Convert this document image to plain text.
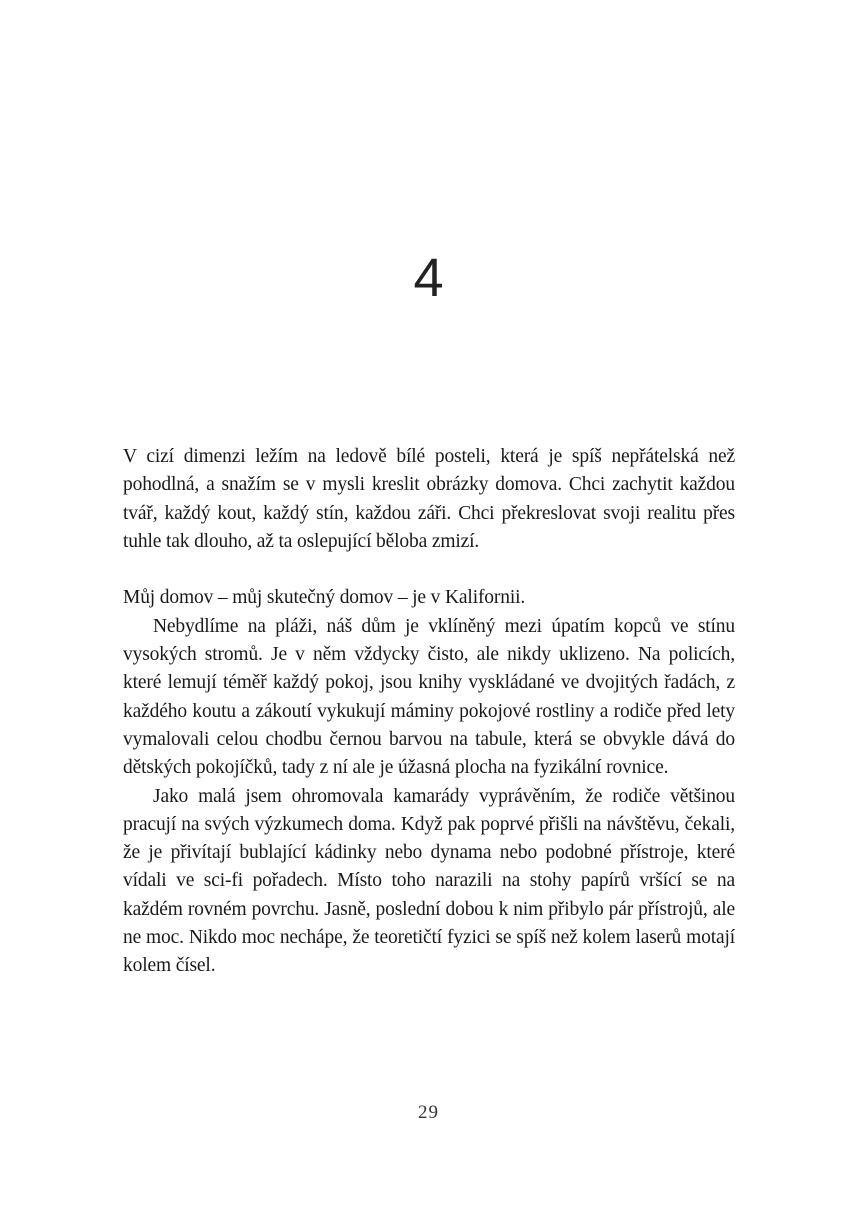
4

V cizí dimenzi ležím na ledově bílé posteli, která je spíš nepřátelská než pohodlná, a snažím se v mysli kreslit obrázky domova. Chci zachytit každou tvář, každý kout, každý stín, každou záři. Chci překreslovat svoji realitu přes tuhle tak dlouho, až ta oslepující běloba zmizí.

Můj domov – můj skutečný domov – je v Kalifornii.

Nebydlíme na pláži, náš dům je vklíněný mezi úpatím kopců ve stínu vysokých stromů. Je v něm vždycky čisto, ale nikdy uklizeno. Na policích, které lemují téměř každý pokoj, jsou knihy vyskládané ve dvojitých řadách, z každého koutu a zákoutí vykukují máminy pokojové rostliny a rodiče před lety vymalovali celou chodbu černou barvou na tabule, která se obvykle dává do dětských pokojíčků, tady z ní ale je úžasná plocha na fyzikální rovnice.

Jako malá jsem ohromovala kamarády vyprávěním, že rodiče většinou pracují na svých výzkumech doma. Když pak poprvé přišli na návštěvu, čekali, že je přivítají bublající kádinky nebo dynama nebo podobné přístroje, které vídali ve sci-fi pořadech. Místo toho narazili na stohy papírů vršící se na každém rovném povrchu. Jasně, poslední dobou k nim přibylo pár přístrojů, ale ne moc. Nikdo moc nechápe, že teoretičtí fyzici se spíš než kolem laserů motají kolem čísel.

29
